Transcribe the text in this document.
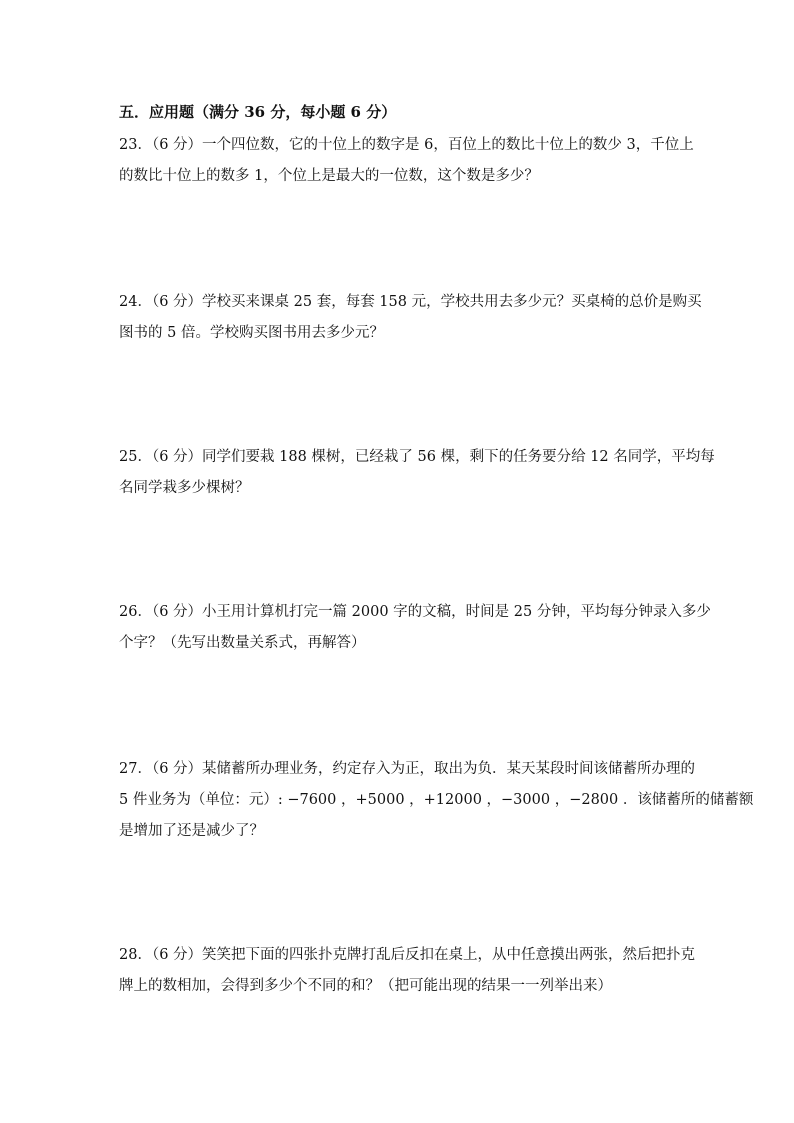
五．应用题（满分 36 分，每小题 6 分）
23．（6 分）一个四位数，它的十位上的数字是 6，百位上的数比十位上的数少 3，千位上
的数比十位上的数多 1，个位上是最大的一位数，这个数是多少？
24．（6 分）学校买来课桌 25 套，每套 158 元，学校共用去多少元？买桌椅的总价是购买
图书的 5 倍。学校购买图书用去多少元？
25．（6 分）同学们要栽 188 棵树，已经栽了 56 棵，剩下的任务要分给 12 名同学，平均每
名同学栽多少棵树？
26．（6 分）小王用计算机打完一篇 2000 字的文稿，时间是 25 分钟，平均每分钟录入多少
个字？（先写出数量关系式，再解答）
27．（6 分）某储蓄所办理业务，约定存入为正，取出为负．某天某段时间该储蓄所办理的
5 件业务为（单位：元）: −7600 ，+5000 ，+12000 ，−3000 ，−2800 ．该储蓄所的储蓄额
是增加了还是减少了？
28．（6 分）笑笑把下面的四张扑克牌打乱后反扣在桌上，从中任意摸出两张，然后把扑克
牌上的数相加，会得到多少个不同的和？（把可能出现的结果一一列举出来）
